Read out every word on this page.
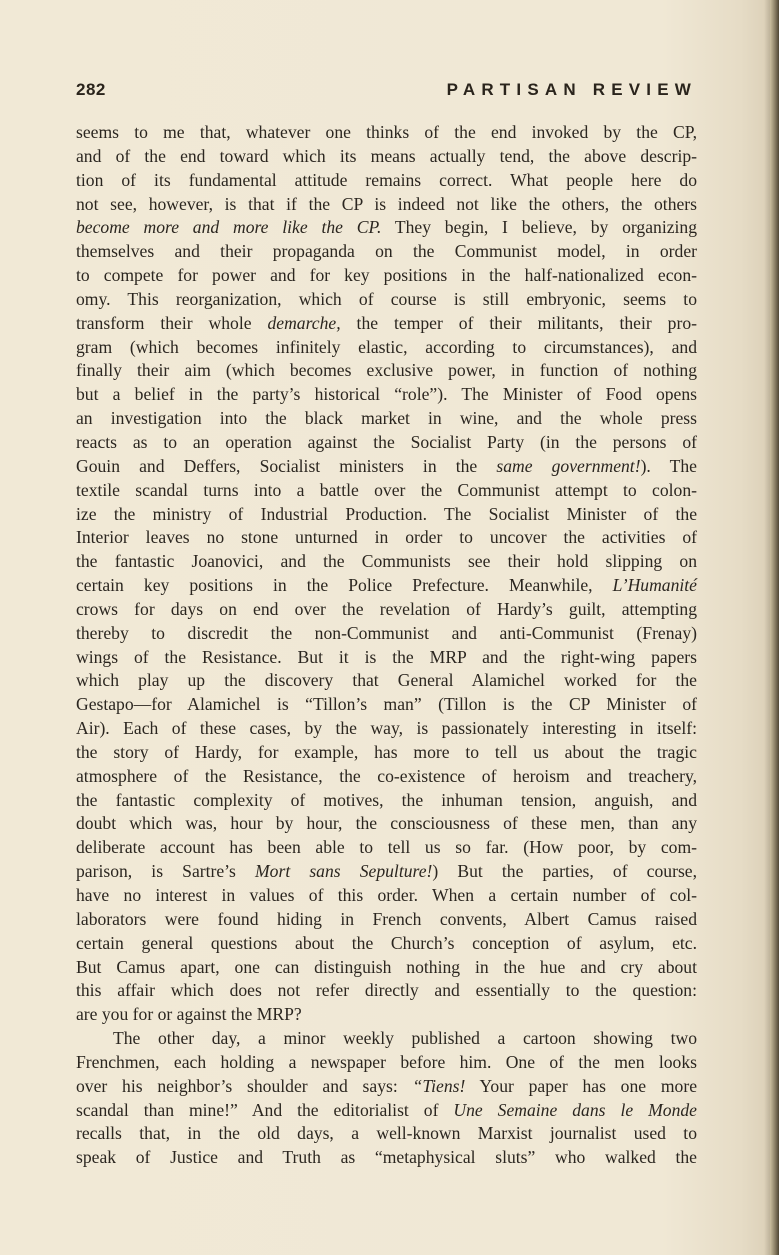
282	PARTISAN REVIEW
seems to me that, whatever one thinks of the end invoked by the CP,
and of the end toward which its means actually tend, the above descrip-
tion of its fundamental attitude remains correct. What people here do
not see, however, is that if the CP is indeed not like the others, the others
become more and more like the CP. They begin, I believe, by organizing
themselves and their propaganda on the Communist model, in order
to compete for power and for key positions in the half-nationalized econ-
omy. This reorganization, which of course is still embryonic, seems to
transform their whole demarche, the temper of their militants, their pro-
gram (which becomes infinitely elastic, according to circumstances), and
finally their aim (which becomes exclusive power, in function of nothing
but a belief in the party’s historical “role”). The Minister of Food opens
an investigation into the black market in wine, and the whole press
reacts as to an operation against the Socialist Party (in the persons of
Gouin and Deffers, Socialist ministers in the same government!). The
textile scandal turns into a battle over the Communist attempt to colon-
ize the ministry of Industrial Production. The Socialist Minister of the
Interior leaves no stone unturned in order to uncover the activities of
the fantastic Joanovici, and the Communists see their hold slipping on
certain key positions in the Police Prefecture. Meanwhile, L’Humanité
crows for days on end over the revelation of Hardy’s guilt, attempting
thereby to discredit the non-Communist and anti-Communist (Frenay)
wings of the Resistance. But it is the MRP and the right-wing papers
which play up the discovery that General Alamichel worked for the
Gestapo—for Alamichel is “Tillon’s man” (Tillon is the CP Minister of
Air). Each of these cases, by the way, is passionately interesting in itself:
the story of Hardy, for example, has more to tell us about the tragic
atmosphere of the Resistance, the co-existence of heroism and treachery,
the fantastic complexity of motives, the inhuman tension, anguish, and
doubt which was, hour by hour, the consciousness of these men, than any
deliberate account has been able to tell us so far. (How poor, by com-
parison, is Sartre’s Mort sans Sepulture!) But the parties, of course,
have no interest in values of this order. When a certain number of col-
laborators were found hiding in French convents, Albert Camus raised
certain general questions about the Church’s conception of asylum, etc.
But Camus apart, one can distinguish nothing in the hue and cry about
this affair which does not refer directly and essentially to the question:
are you for or against the MRP?
The other day, a minor weekly published a cartoon showing two
Frenchmen, each holding a newspaper before him. One of the men looks
over his neighbor’s shoulder and says: “Tiens! Your paper has one more
scandal than mine!” And the editorialist of Une Semaine dans le Monde
recalls that, in the old days, a well-known Marxist journalist used to
speak of Justice and Truth as “metaphysical sluts” who walked the
